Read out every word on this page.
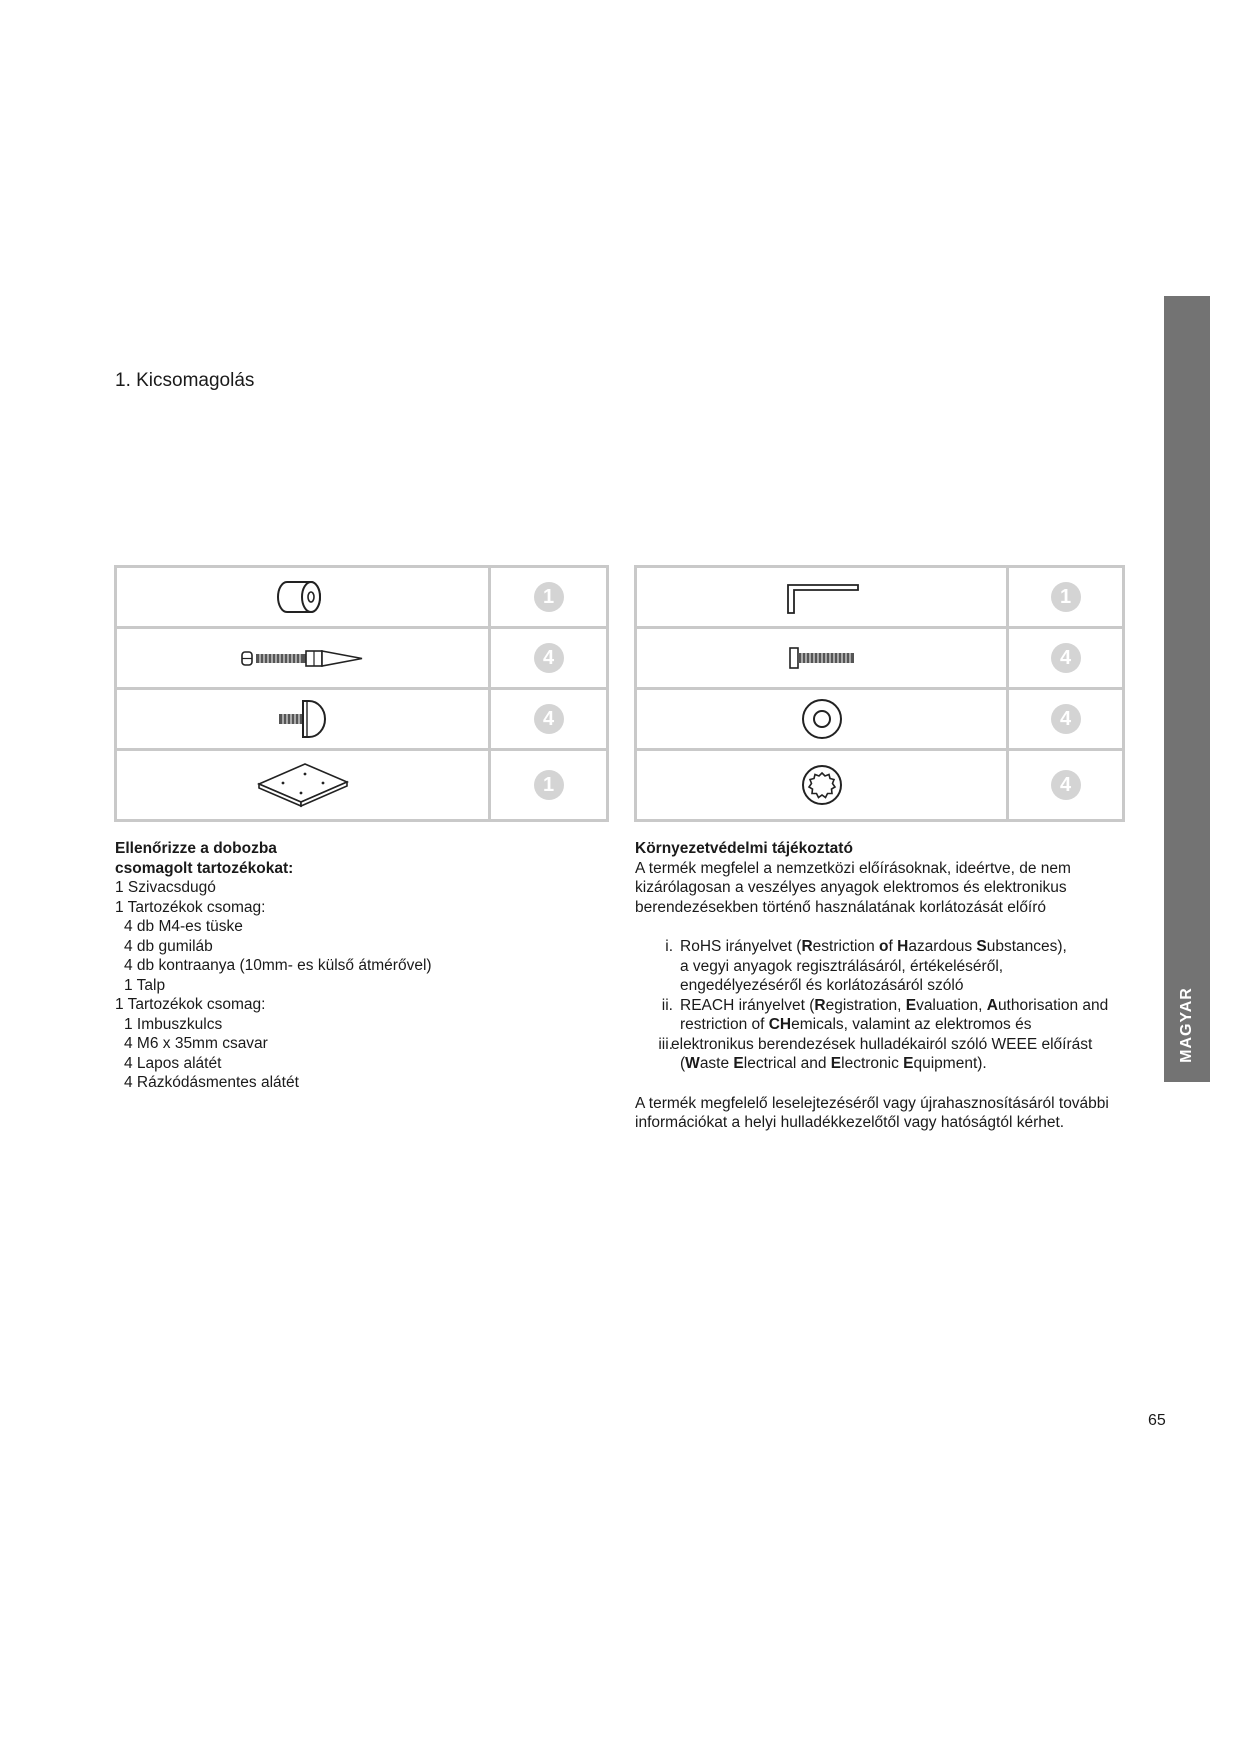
1. Kicsomagolás
MAGYAR
1
4
4
1
1
4
4
4

Ellenőrizze a dobozba

csomagolt tartozékokat:

1 Szivacsdugó

1 Tartozékok csomag:

4 db M4-es tüske

4 db gumiláb

4 db kontraanya (10mm- es külső átmérővel)

1 Talp

1 Tartozékok csomag:

1 Imbuszkulcs

4 M6 x 35mm csavar

4 Lapos alátét

4 Rázkódásmentes alátét

Környezetvédelmi tájékoztató

A termék megfelel a nemzetközi előírásoknak, ideértve, de nem

kizárólagosan a veszélyes anyagok elektromos és elektronikus

berendezésekben történő használatának korlátozását előíró

i. RoHS irányelvet (Restriction of Hazardous Substances),

a vegyi anyagok regisztrálásáról, értékeléséről,

engedélyezéséről és korlátozásáról szóló

ii. REACH irányelvet (Registration, Evaluation, Authorisation and

restriction of CHemicals, valamint az elektromos és

iii.

elektronikus berendezések hulladékairól szóló WEEE előírást

(Waste Electrical and Electronic Equipment).

A termék megfelelő leselejtezéséről vagy újrahasznosításáról további

információkat a helyi hulladékkezelőtől vagy hatóságtól kérhet.

65
